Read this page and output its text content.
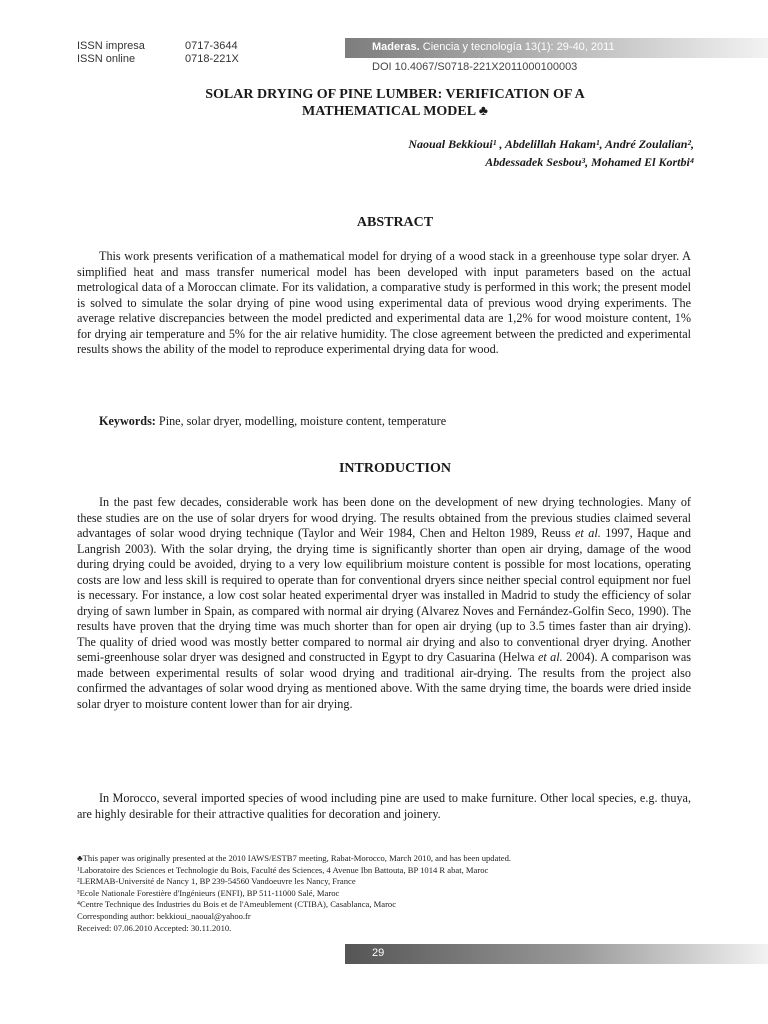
ISSN impresa	0717-3644
ISSN online	0718-221X
Maderas. Ciencia y tecnología 13(1): 29-40, 2011
DOI 10.4067/S0718-221X2011000100003
SOLAR DRYING OF PINE LUMBER: VERIFICATION OF A
MATHEMATICAL MODEL ♣
Naoual Bekkioui¹ , Abdelillah Hakam¹, André Zoulalian²,
Abdessadek Sesbou³, Mohamed El Kortbi⁴
ABSTRACT

This work presents verification of a mathematical model for drying of a wood stack in a greenhouse type solar dryer. A simplified heat and mass transfer numerical model has been developed with input parameters based on the actual metrological data of a Moroccan climate. For its validation, a comparative study is performed in this work; the present model is solved to simulate the solar drying of pine wood using experimental data of previous wood drying experiments. The average relative discrepancies between the model predicted and experimental data are 1,2% for wood moisture content, 1% for drying air temperature and 5% for the air relative humidity. The close agreement between the predicted and experimental results shows the ability of the model to reproduce experimental drying data for wood.

Keywords: Pine, solar dryer, modelling, moisture content, temperature
INTRODUCTION

In the past few decades, considerable work has been done on the development of new drying technologies. Many of these studies are on the use of solar dryers for wood drying. The results obtained from the previous studies claimed several advantages of solar wood drying technique (Taylor and Weir 1984, Chen and Helton 1989, Reuss et al. 1997, Haque and Langrish 2003). With the solar drying, the drying time is significantly shorter than open air drying, damage of the wood during drying could be avoided, drying to a very low equilibrium moisture content is possible for most locations, operating costs are low and less skill is required to operate than for conventional dryers since neither special control equipment nor fuel is necessary. For instance, a low cost solar heated experimental dryer was installed in Madrid to study the efficiency of solar drying of sawn lumber in Spain, as compared with normal air drying (Alvarez Noves and Fernández-Golfin Seco, 1990). The results have proven that the drying time was much shorter than for open air drying (up to 3.5 times faster than air drying). The quality of dried wood was mostly better compared to normal air drying and also to conventional dryer drying. Another semi-greenhouse solar dryer was designed and constructed in Egypt to dry Casuarina (Helwa et al. 2004). A comparison was made between experimental results of solar wood drying and traditional air-drying. The results from the project also confirmed the advantages of solar wood drying as mentioned above. With the same drying time, the boards were dried inside solar dryer to moisture content lower than for air drying.

In Morocco, several imported species of wood including pine are used to make furniture. Other local species, e.g. thuya, are highly desirable for their attractive qualities for decoration and joinery.

♣This paper was originally presented at the 2010 IAWS/ESTB7 meeting, Rabat-Morocco, March 2010, and has been updated.
¹Laboratoire des Sciences et Technologie du Bois, Faculté des Sciences, 4 Avenue Ibn Battouta, BP 1014 R abat, Maroc
²LERMAB-Université de Nancy 1, BP 239-54560 Vandoeuvre les Nancy, France
³Ecole Nationale Forestière d'Ingénieurs (ENFI), BP 511-11000 Salé, Maroc
⁴Centre Technique des Industries du Bois et de l'Ameublement (CTIBA), Casablanca, Maroc
Corresponding author: bekkioui_naoual@yahoo.fr
Received: 07.06.2010 Accepted: 30.11.2010.
29
